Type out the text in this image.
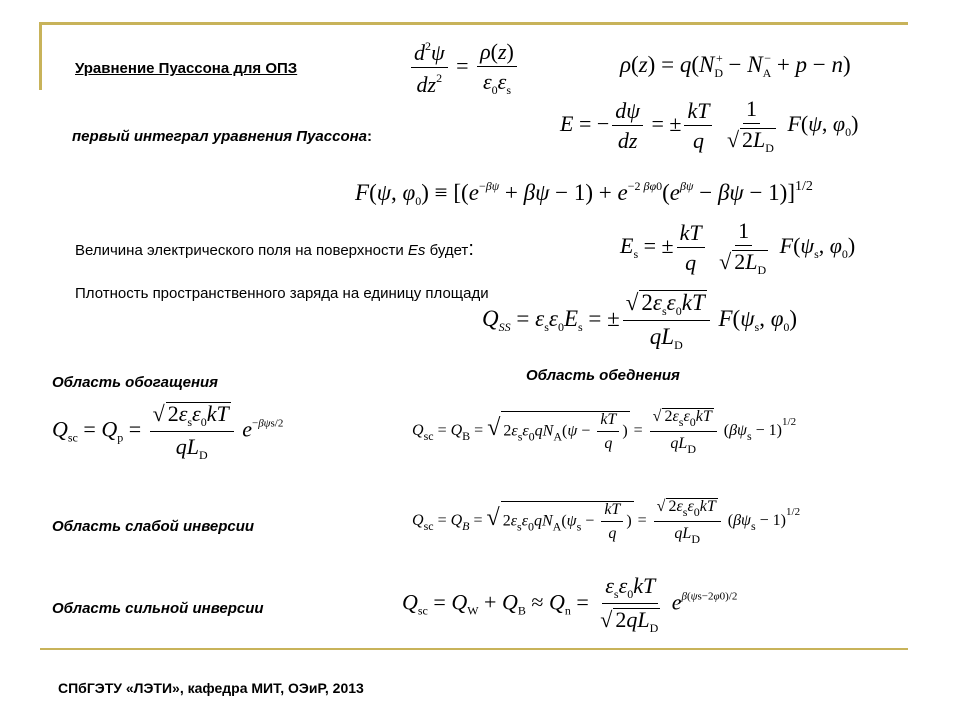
Уравнение Пуассона для ОПЗ	$\frac{d^2\psi}{dz^2} = \frac{\rho(z)}{\varepsilon_0\varepsilon_s}$	$\rho(z) = q(N_D^+ - N_A^- + p - n)$
первый интеграл уравнения Пуассона:
E = − $\frac{d\psi}{dz}$ = ± $\frac{kT}{q}$
$\frac{1}{√ 2L_D} F(\psi$, $\varphi_0$)
F(ψ, $\varphi_0) \equiv [(e^{-\beta\psi} + \beta\psi - 1) + e^{-2 \beta\varphi 0}(e^{\beta\psi} - \beta\psi - 1)]^{1/2}$
Величина электрического поля на поверхности Es будет:	$E_s$ = ± $\frac{kT}{q}$
$\frac{1}{√ 2L_D} F(\psi_s$, $\varphi_0$)
Плотность пространственного заряда на единицу площади
$Q_{SS} = \varepsilon_s\varepsilon_0E_s$ = ± $\frac{√ 2\varepsilon_s\varepsilon_0kT}{qL_D} F(\psi_s$, $\varphi_0$)
Область обогащения	Область обеднения
$Q_{sc} = Q_p = \frac{√ 2\varepsilon_s\varepsilon_0kT}{qL_D} e^{-\beta\psi s/2}$	$Q_{sc} = Q_B$ = √ $2\varepsilon_s\varepsilon_0qN_A(\psi - \frac{kT}{q}$ ) = $\frac{√ 2\varepsilon_s\varepsilon_0kT}{qL_D} (\beta\psi_s - 1)^{1/2}$
Область слабой инверсии	$Q_{sc} = Q_B$ = √ $2\varepsilon_s\varepsilon_0qN_A(\psi_s - \frac{kT}{q}$ ) = $\frac{√ 2\varepsilon_s\varepsilon_0kT}{qL_D} (\beta\psi_s - 1)^{1/2}$
Область сильной инверсии	$Q_{sc} = Q_W + Q_B \approx Q_n = \frac{\varepsilon_s\varepsilon_0kT}{√ 2qL_D} e^{\beta(\psi s-2\varphi 0)/2}$
СПбГЭТУ «ЛЭТИ», кафедра МИТ, ОЭиР, 2013
